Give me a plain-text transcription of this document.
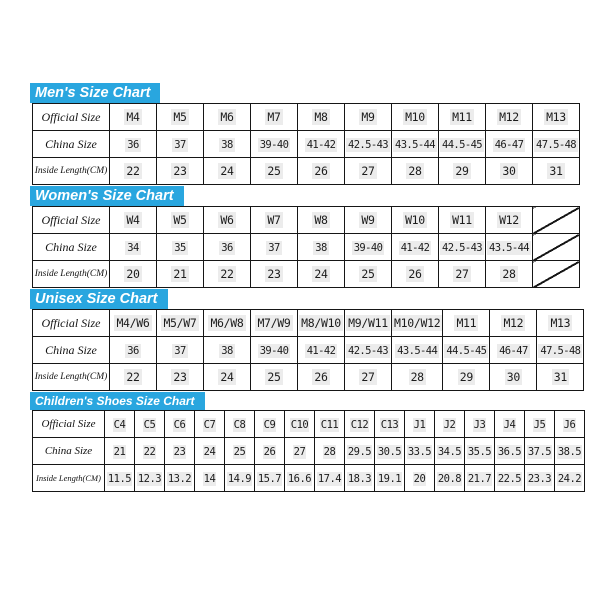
Men's Size Chart
Official Size	M4	M5	M6	M7	M8	M9	M10	M11	M12	M13
China Size	36	37	38	39-40	41-42	42.5-43	43.5-44	44.5-45	46-47	47.5-48
Inside Length(CM)	22	23	24	25	26	27	28	29	30	31
Women's Size Chart
Official Size	W4	W5	W6	W7	W8	W9	W10	W11	W12	
China Size	34	35	36	37	38	39-40	41-42	42.5-43	43.5-44	
Inside Length(CM)	20	21	22	23	24	25	26	27	28	
Unisex Size Chart
Official Size	M4/W6	M5/W7	M6/W8	M7/W9	M8/W10	M9/W11	M10/W12	M11	M12	M13
China Size	36	37	38	39-40	41-42	42.5-43	43.5-44	44.5-45	46-47	47.5-48
Inside Length(CM)	22	23	24	25	26	27	28	29	30	31
Children's Shoes Size Chart
Official Size	C4	C5	C6	C7	C8	C9	C10	C11	C12	C13	J1	J2	J3	J4	J5	J6
China Size	21	22	23	24	25	26	27	28	29.5	30.5	33.5	34.5	35.5	36.5	37.5	38.5
Inside Length(CM)	11.5	12.3	13.2	14	14.9	15.7	16.6	17.4	18.3	19.1	20	20.8	21.7	22.5	23.3	24.2
